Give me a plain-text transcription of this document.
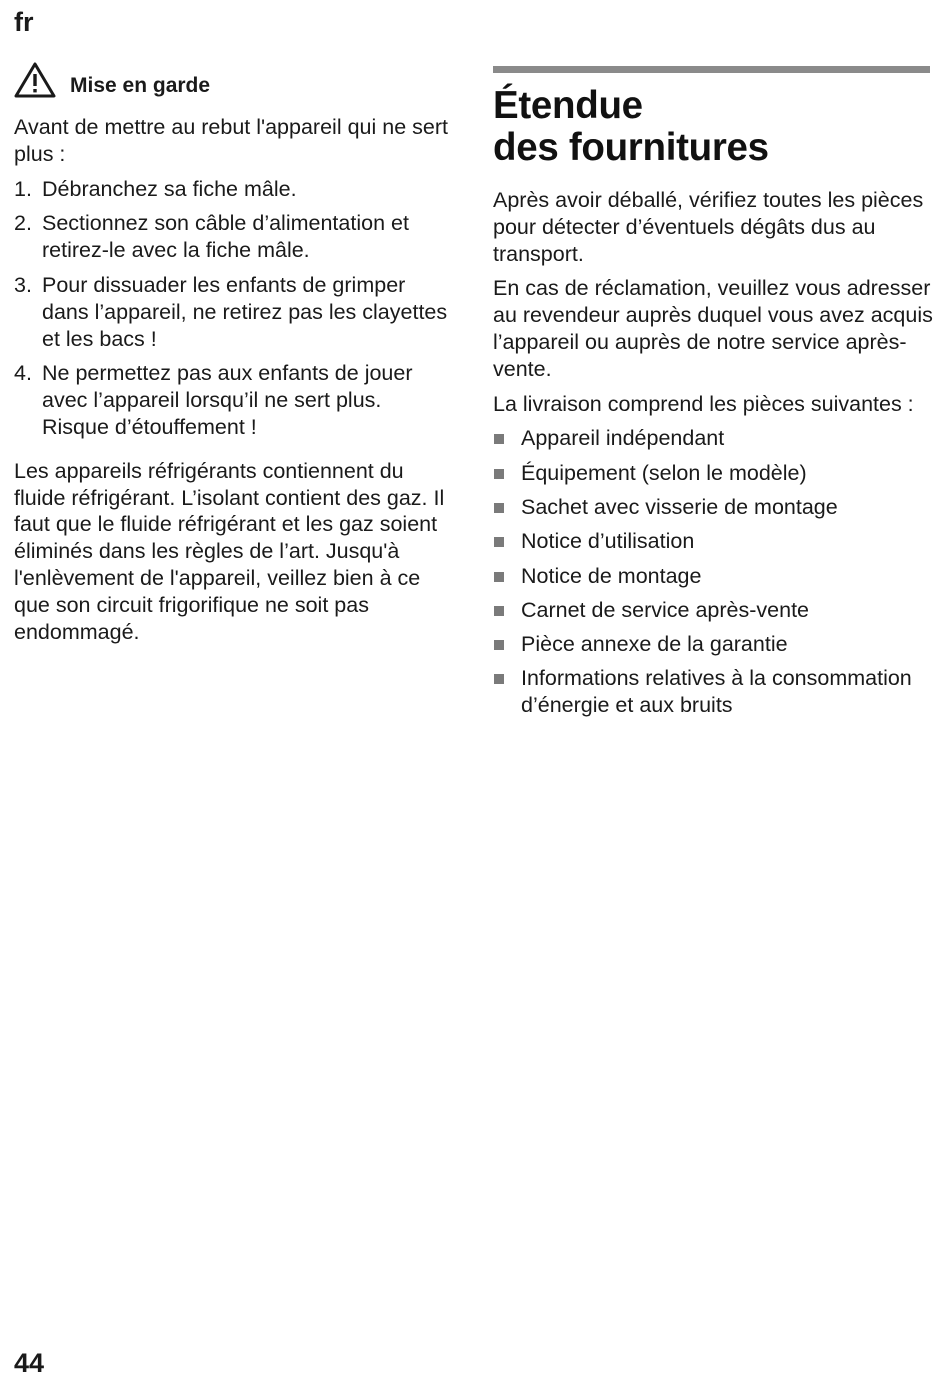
fr
Mise en garde

Avant de mettre au rebut l'appareil qui ne sert plus :

1. Débranchez sa fiche mâle.
2. Sectionnez son câble d’alimentation et retirez-le avec la fiche mâle.
3. Pour dissuader les enfants de grimper dans l’appareil, ne retirez pas les clayettes et les bacs !
4. Ne permettez pas aux enfants de jouer avec l’appareil lorsqu’il ne sert plus. Risque d’étouffement !

Les appareils réfrigérants contiennent du fluide réfrigérant. L’isolant contient des gaz. Il faut que le fluide réfrigérant et les gaz soient éliminés dans les règles de l’art. Jusqu'à l'enlèvement de l'appareil, veillez bien à ce que son circuit frigorifique ne soit pas endommagé.

Étendue
des fournitures

Après avoir déballé, vérifiez toutes les pièces pour détecter d’éventuels dégâts dus au transport.

En cas de réclamation, veuillez vous adresser au revendeur auprès duquel vous avez acquis l’appareil ou auprès de notre service après-vente.

La livraison comprend les pièces suivantes :

Appareil indépendant
Équipement (selon le modèle)
Sachet avec visserie de montage
Notice d’utilisation
Notice de montage
Carnet de service après-vente
Pièce annexe de la garantie
Informations relatives à la consommation d’énergie et aux bruits
44
